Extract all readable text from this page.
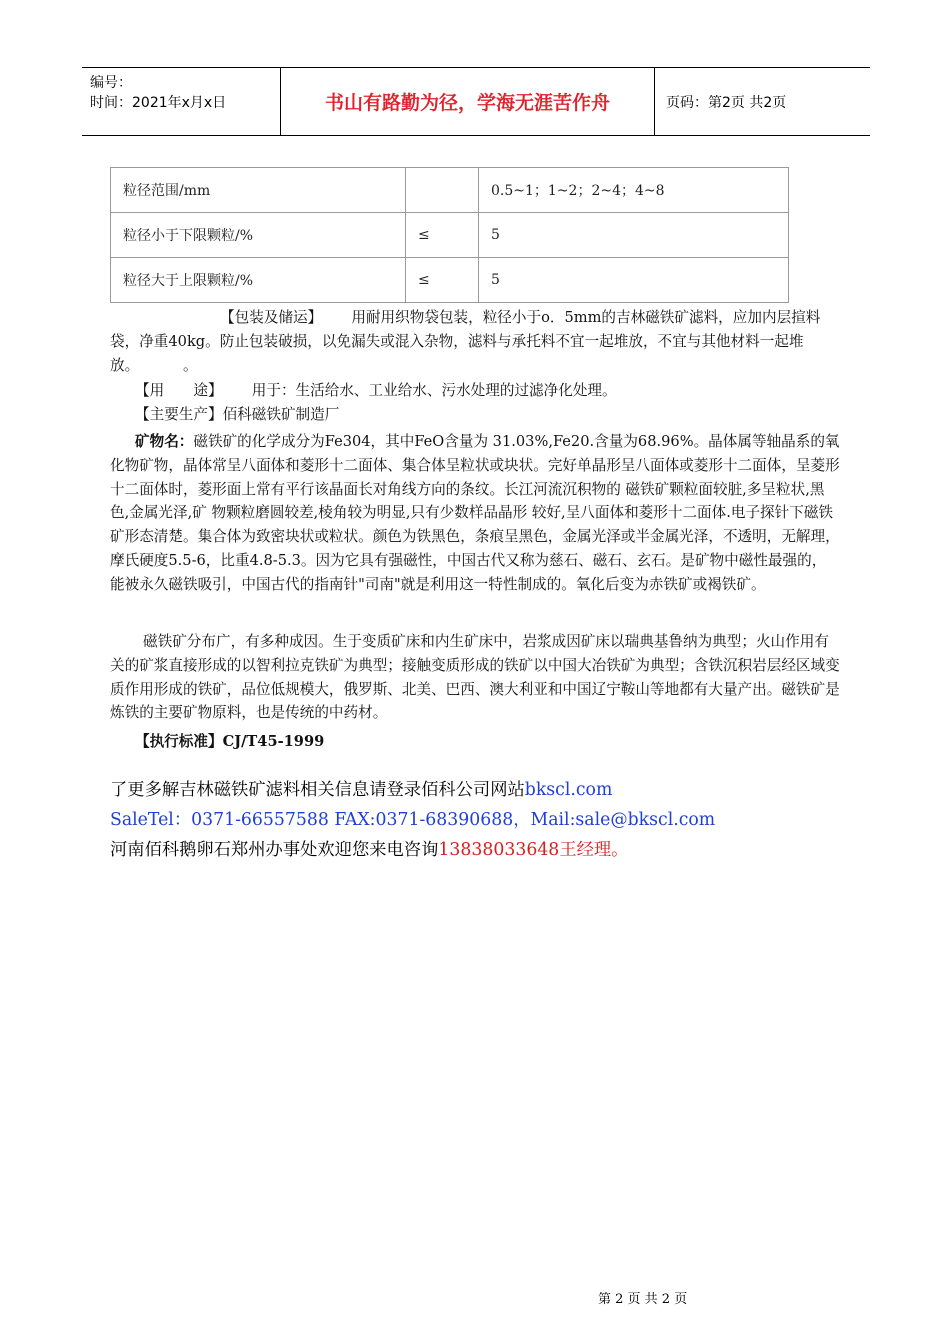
编号：
时间：2021年x月x日	书山有路勤为径，学海无涯苦作舟	页码：第2页 共2页
粒径范围/mm		0.5~1；1~2；2~4；4~8
粒径小于下限颗粒/%	≤	5
粒径大于上限颗粒/%	≤	5
【包装及储运】   用耐用织物袋包装，粒径小于o．5mm的吉林磁铁矿滤料，应加内层揎料袋，净重40kg。防止包装破损，以免漏失或混入杂物，滤料与承托料不宜一起堆放，不宜与其他材料一起堆放。   	。
【用　　途】   用于：生活给水、工业给水、污水处理的过滤净化处理。
【主要生产】佰科磁铁矿制造厂
矿物名：磁铁矿的化学成分为Fe304，其中FeO含量为 31.03%,Fe20.含量为68.96%。晶体属等轴晶系的氧化物矿物，晶体常呈八面体和菱形十二面体、集合体呈粒状或块状。完好单晶形呈八面体或菱形十二面体，呈菱形十二面体时，菱形面上常有平行该晶面长对角线方向的条纹。长江河流沉积物的 磁铁矿颗粒面较脏,多呈粒状,黑色,金属光泽,矿 物颗粒磨圆较差,棱角较为明显,只有少数样品晶形 较好,呈八面体和菱形十二面体.电子探针下磁铁 矿形态清楚。集合体为致密块状或粒状。颜色为铁黑色，条痕呈黑色，金属光泽或半金属光泽，不透明，无解理，摩氏硬度5.5-6，比重4.8-5.3。因为它具有强磁性，中国古代又称为慈石、磁石、玄石。是矿物中磁性最强的，能被永久磁铁吸引，中国古代的指南针"司南"就是利用这一特性制成的。氧化后变为赤铁矿或褐铁矿。
磁铁矿分布广，有多种成因。生于变质矿床和内生矿床中，岩浆成因矿床以瑞典基鲁纳为典型；火山作用有关的矿浆直接形成的以智利拉克铁矿为典型；接触变质形成的铁矿以中国大冶铁矿为典型；含铁沉积岩层经区域变质作用形成的铁矿，品位低规模大，俄罗斯、北美、巴西、澳大利亚和中国辽宁鞍山等地都有大量产出。磁铁矿是炼铁的主要矿物原料，也是传统的中药材。
【执行标准】CJ/T45-1999
了更多解吉林磁铁矿滤料相关信息请登录佰科公司网站bkscl.com
SaleTel：0371-66557588 FAX:0371-68390688，Mail:sale@bkscl.com
河南佰科鹅卵石郑州办事处欢迎您来电咨询13838033648王经理。
第 2 页 共 2 页
